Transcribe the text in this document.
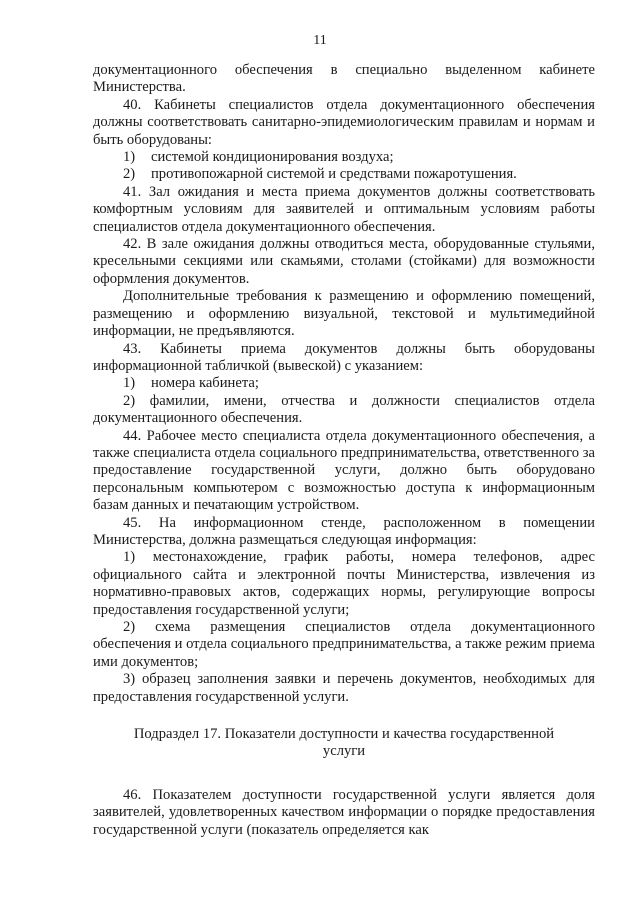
11

документационного обеспечения в специально выделенном кабинете Министерства.

40. Кабинеты специалистов отдела документационного обеспечения должны соответствовать санитарно-эпидемиологическим правилам и нормам и быть оборудованы:

1) системой кондиционирования воздуха;

2) противопожарной системой и средствами пожаротушения.

41. Зал ожидания и места приема документов должны соответствовать комфортным условиям для заявителей и оптимальным условиям работы специалистов отдела документационного обеспечения.

42. В зале ожидания должны отводиться места, оборудованные стульями, кресельными секциями или скамьями, столами (стойками) для возможности оформления документов.

Дополнительные требования к размещению и оформлению помещений, размещению и оформлению визуальной, текстовой и мультимедийной информации, не предъявляются.

43. Кабинеты приема документов должны быть оборудованы информационной табличкой (вывеской) с указанием:

1) номера кабинета;

2) фамилии, имени, отчества и должности специалистов отдела документационного обеспечения.

44. Рабочее место специалиста отдела документационного обеспечения, а также специалиста отдела социального предпринимательства, ответственного за предоставление государственной услуги, должно быть оборудовано персональным компьютером с возможностью доступа к информационным базам данных и печатающим устройством.

45. На информационном стенде, расположенном в помещении Министерства, должна размещаться следующая информация:

1) местонахождение, график работы, номера телефонов, адрес официального сайта и электронной почты Министерства, извлечения из нормативно-правовых актов, содержащих нормы, регулирующие вопросы предоставления государственной услуги;

2) схема размещения специалистов отдела документационного обеспечения и отдела социального предпринимательства, а также режим приема ими документов;

3) образец заполнения заявки и перечень документов, необходимых для предоставления государственной услуги.

Подраздел 17. Показатели доступности и качества государственной услуги

46. Показателем доступности государственной услуги является доля заявителей, удовлетворенных качеством информации о порядке предоставления государственной услуги (показатель определяется как
